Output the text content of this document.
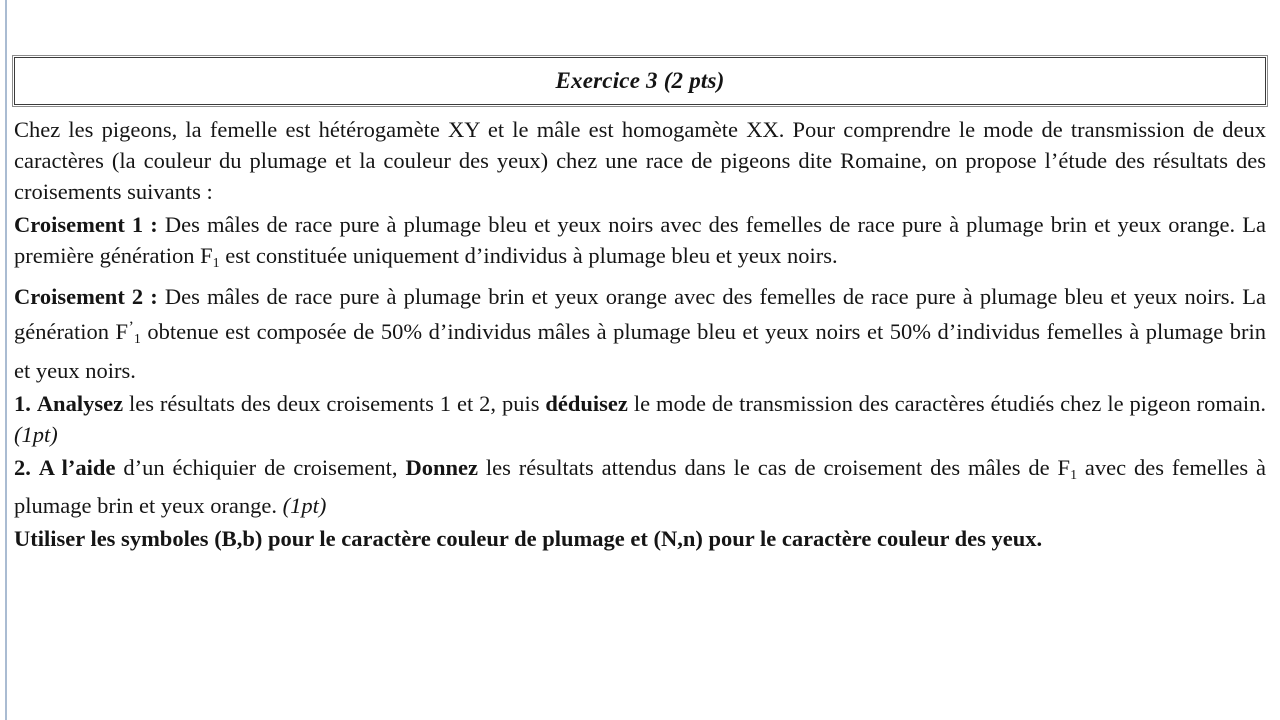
Exercice 3 (2 pts)

Chez les pigeons, la femelle est hétérogamète XY et le mâle est homogamète XX. Pour comprendre le mode de transmission de deux caractères (la couleur du plumage et la couleur des yeux) chez une race de pigeons dite Romaine, on propose l’étude des résultats des croisements suivants :

Croisement 1 : Des mâles de race pure à plumage bleu et yeux noirs avec des femelles de race pure à plumage brin et yeux orange. La première génération $F_1$ est constituée uniquement d’individus à plumage bleu et yeux noirs.

Croisement 2 : Des mâles de race pure à plumage brin et yeux orange avec des femelles de race pure à plumage bleu et yeux noirs. La génération $F^’_1$ obtenue est composée de 50% d’individus mâles à plumage bleu et yeux noirs et 50% d’individus femelles à plumage brin et yeux noirs.

1. Analysez les résultats des deux croisements 1 et 2, puis déduisez le mode de transmission des caractères étudiés chez le pigeon romain. (1pt)

2. A l’aide d’un échiquier de croisement, Donnez les résultats attendus dans le cas de croisement des mâles de $F_1$ avec des femelles à plumage brin et yeux orange. (1pt)

Utiliser les symboles (B,b) pour le caractère couleur de plumage et (N,n) pour le caractère couleur des yeux.
